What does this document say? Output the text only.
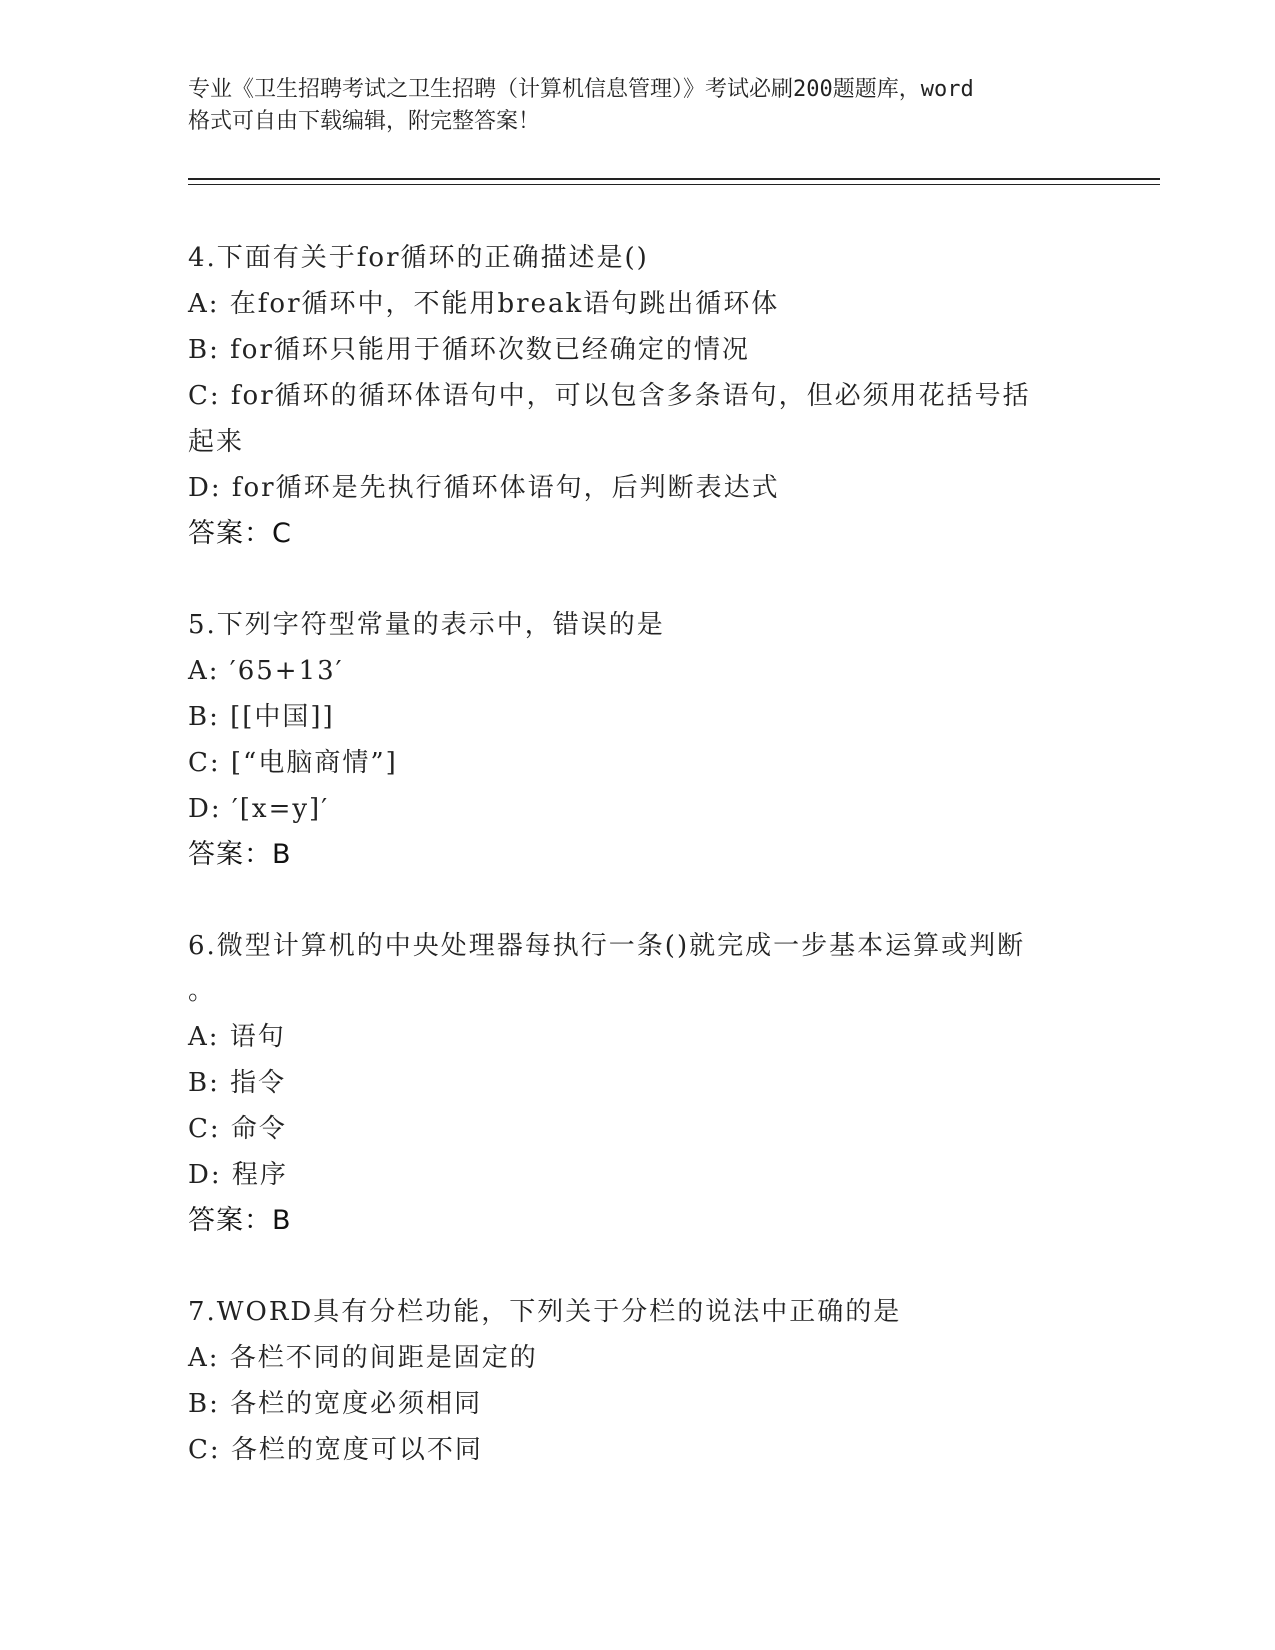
专业《卫生招聘考试之卫生招聘（计算机信息管理）》考试必刷200题题库，word
格式可自由下载编辑，附完整答案！
4.下面有关于for循环的正确描述是()
A: 在for循环中，不能用break语句跳出循环体
B: for循环只能用于循环次数已经确定的情况
C: for循环的循环体语句中，可以包含多条语句，但必须用花括号括
起来
D: for循环是先执行循环体语句，后判断表达式
答案：C
5.下列字符型常量的表示中，错误的是
A: ′65+13′
B: [[中国]]
C: [“电脑商情”]
D: ′[x=y]′
答案：B
6.微型计算机的中央处理器每执行一条()就完成一步基本运算或判断
。
A: 语句
B: 指令
C: 命令
D: 程序
答案：B
7.WORD具有分栏功能，下列关于分栏的说法中正确的是
A: 各栏不同的间距是固定的
B: 各栏的宽度必须相同
C: 各栏的宽度可以不同
